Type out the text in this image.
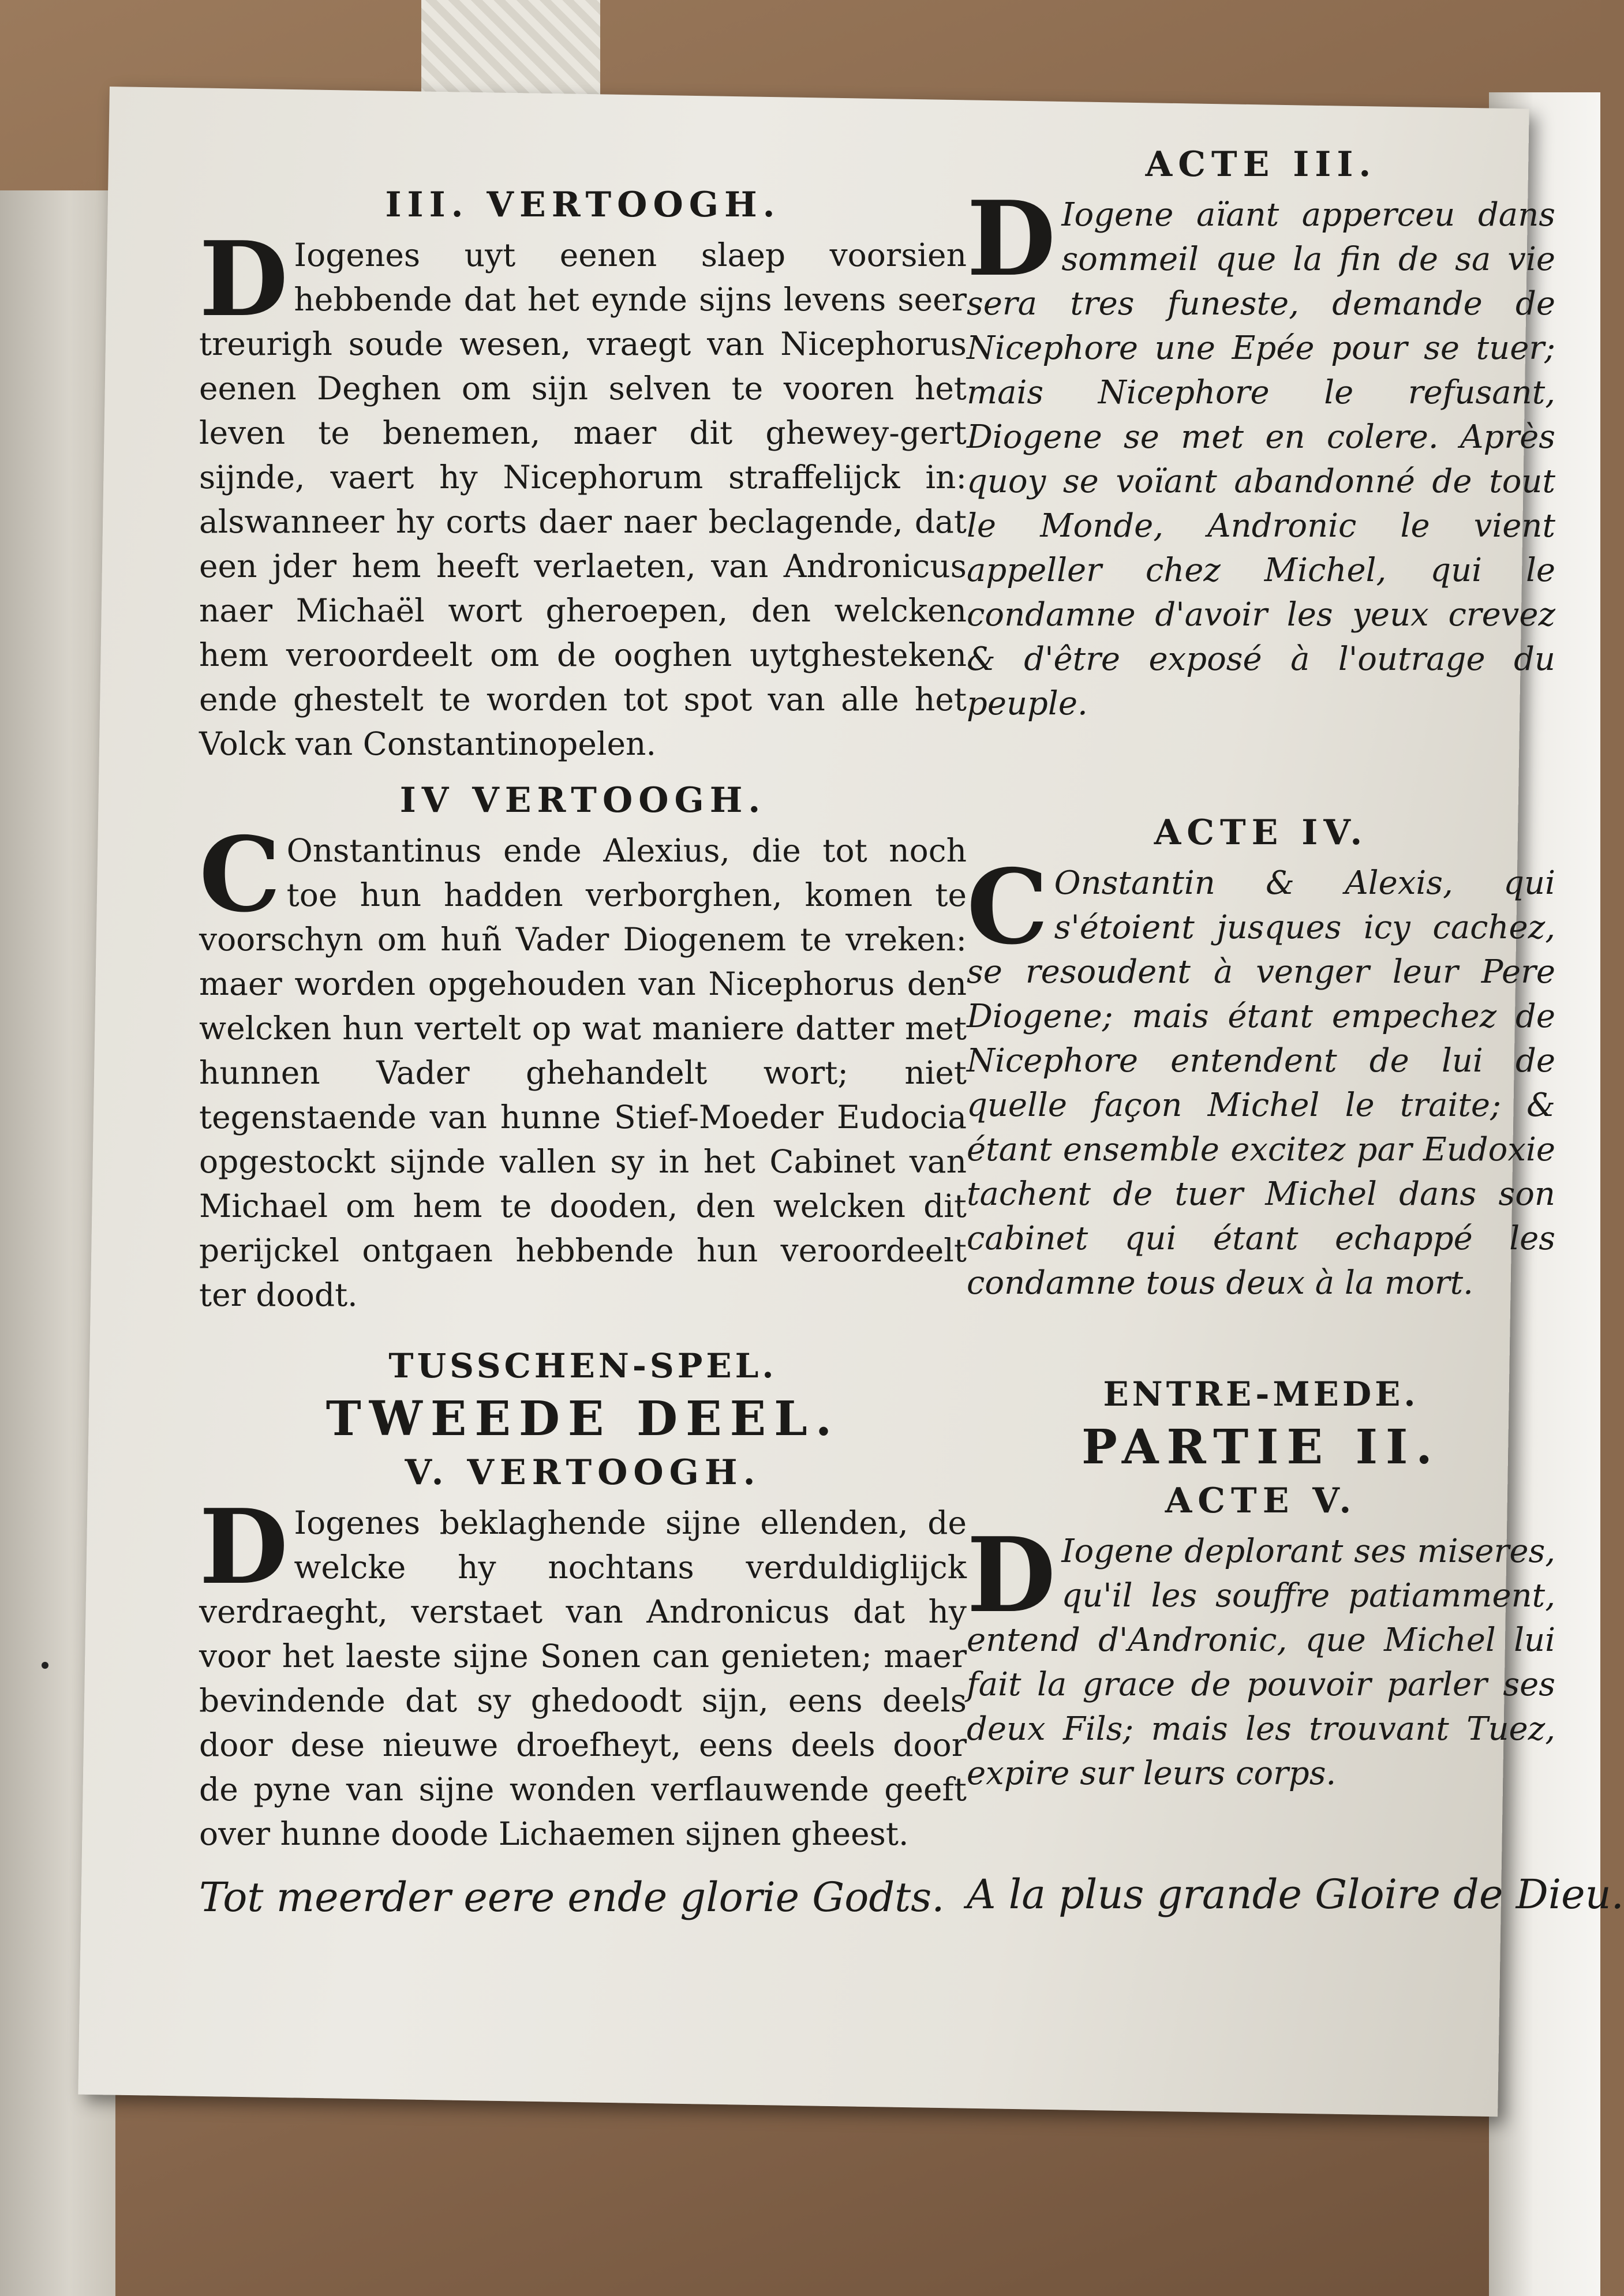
III. VERTOOGH.

D Iogenes uyt eenen slaep voorsien hebbende dat het eynde sijns levens seer treurigh soude wesen, vraegt van Nicephorus eenen Deghen om sijn selven te vooren het leven te benemen, maer dit ghewey-gert sijnde, vaert hy Nicephorum straffelijck in: alswanneer hy corts daer naer beclagende, dat een jder hem heeft verlaeten, van Andronicus naer Michaël wort gheroepen, den welcken hem veroordeelt om de ooghen uytghesteken ende ghestelt te worden tot spot van alle het Volck van Constantinopelen.

IV VERTOOGH.

C Onstantinus ende Alexius, die tot noch toe hun hadden verborghen, komen te voorschyn om huñ Vader Diogenem te vreken: maer worden opgehouden van Nicephorus den welcken hun vertelt op wat maniere datter met hunnen Vader ghehandelt wort; niet tegenstaende van hunne Stief-Moeder Eudocia opgestockt sijnde vallen sy in het Cabinet van Michael om hem te dooden, den welcken dit perijckel ontgaen hebbende hun veroordeelt ter doodt.

TUSSCHEN-SPEL.

TWEEDE DEEL.

V. VERTOOGH.

D Iogenes beklaghende sijne ellenden, de welcke hy nochtans verduldiglijck verdraeght, verstaet van Andronicus dat hy voor het laeste sijne Sonen can genieten; maer bevindende dat sy ghedoodt sijn, eens deels door dese nieuwe droefheyt, eens deels door de pyne van sijne wonden verflauwende geeft over hunne doode Lichaemen sijnen gheest.

Tot meerder eere ende glorie Godts.

ACTE III.

D Iogene aïant apperceu dans sommeil que la fin de sa vie sera tres funeste, demande de Nicephore une Epée pour se tuer; mais Nicephore le refusant, Diogene se met en colere. Après quoy se voïant abandonné de tout le Monde, Andronic le vient appeller chez Michel, qui le condamne d'avoir les yeux crevez & d'être exposé à l'outrage du peuple.

ACTE IV.

C Onstantin & Alexis, qui s'étoient jusques icy cachez, se resoudent à venger leur Pere Diogene; mais étant empechez de Nicephore entendent de lui de quelle façon Michel le traite; & étant ensemble excitez par Eudoxie tachent de tuer Michel dans son cabinet qui étant echappé les condamne tous deux à la mort.

ENTRE-MEDE.

PARTIE II.

ACTE V.

D Iogene deplorant ses miseres, qu'il les souffre patiamment, entend d'Andronic, que Michel lui fait la grace de pouvoir parler ses deux Fils; mais les trouvant Tuez, expire sur leurs corps.

A la plus grande Gloire de Dieu.
